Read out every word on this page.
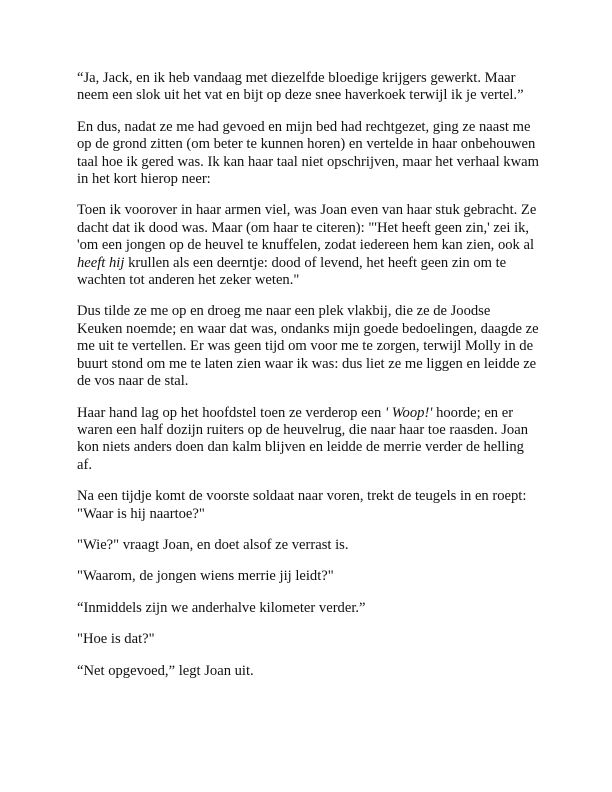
“Ja, Jack, en ik heb vandaag met diezelfde bloedige krijgers gewerkt. Maar neem een slok uit het vat en bijt op deze snee haverkoek terwijl ik je vertel.”

En dus, nadat ze me had gevoed en mijn bed had rechtgezet, ging ze naast me op de grond zitten (om beter te kunnen horen) en vertelde in haar onbehouwen taal hoe ik gered was. Ik kan haar taal niet opschrijven, maar het verhaal kwam in het kort hierop neer:

Toen ik voorover in haar armen viel, was Joan even van haar stuk gebracht. Ze dacht dat ik dood was. Maar (om haar te citeren): "'Het heeft geen zin,' zei ik, 'om een jongen op de heuvel te knuffelen, zodat iedereen hem kan zien, ook al heeft hij krullen als een deerntje: dood of levend, het heeft geen zin om te wachten tot anderen het zeker weten."

Dus tilde ze me op en droeg me naar een plek vlakbij, die ze de Joodse Keuken noemde; en waar dat was, ondanks mijn goede bedoelingen, daagde ze me uit te vertellen. Er was geen tijd om voor me te zorgen, terwijl Molly in de buurt stond om me te laten zien waar ik was: dus liet ze me liggen en leidde ze de vos naar de stal.

Haar hand lag op het hoofdstel toen ze verderop een ' Woop!' hoorde; en er waren een half dozijn ruiters op de heuvelrug, die naar haar toe raasden. Joan kon niets anders doen dan kalm blijven en leidde de merrie verder de helling af.

Na een tijdje komt de voorste soldaat naar voren, trekt de teugels in en roept: "Waar is hij naartoe?"

"Wie?" vraagt Joan, en doet alsof ze verrast is.

"Waarom, de jongen wiens merrie jij leidt?"

“Inmiddels zijn we anderhalve kilometer verder.”

"Hoe is dat?"

“Net opgevoed,” legt Joan uit.
